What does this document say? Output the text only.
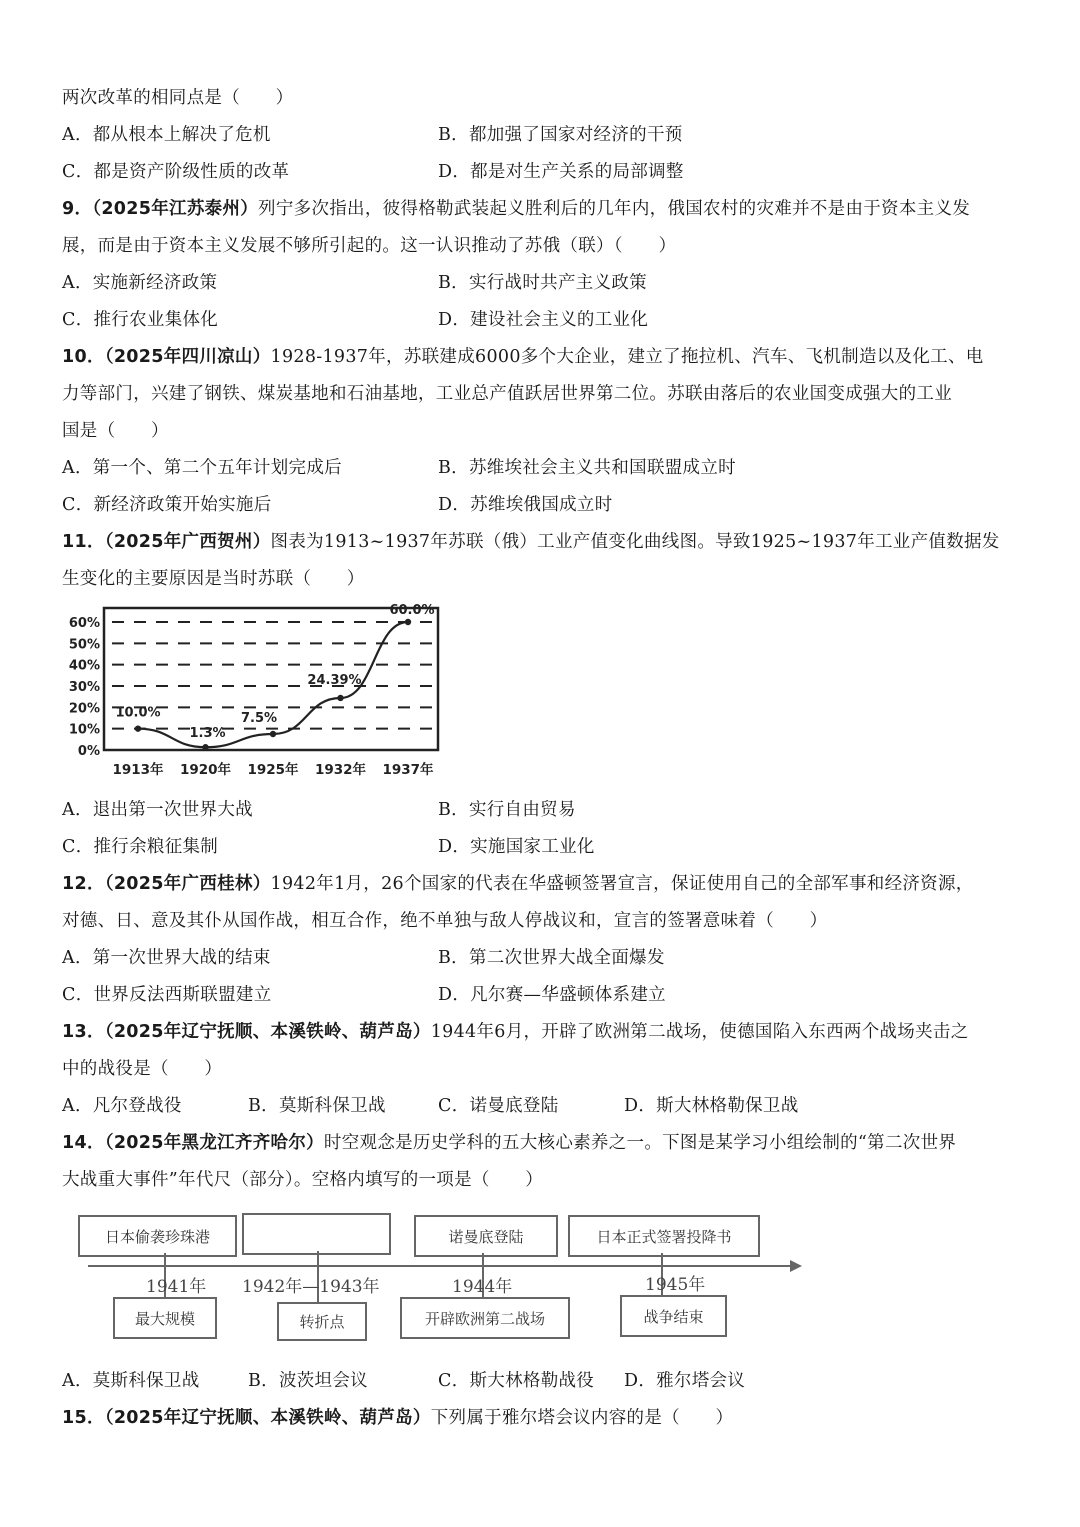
两次改革的相同点是（　　）
A．都从根本上解决了危机	B．都加强了国家对经济的干预
C．都是资产阶级性质的改革	D．都是对生产关系的局部调整
9．（2025年江苏泰州）列宁多次指出，彼得格勒武装起义胜利后的几年内，俄国农村的灾难并不是由于资本主义发
展，而是由于资本主义发展不够所引起的。这一认识推动了苏俄（联）（　　）
A．实施新经济政策	B．实行战时共产主义政策
C．推行农业集体化	D．建设社会主义的工业化
10．（2025年四川凉山）1928-1937年，苏联建成6000多个大企业，建立了拖拉机、汽车、飞机制造以及化工、电
力等部门，兴建了钢铁、煤炭基地和石油基地，工业总产值跃居世界第二位。苏联由落后的农业国变成强大的工业
国是（　　）
A．第一个、第二个五年计划完成后	B．苏维埃社会主义共和国联盟成立时
C．新经济政策开始实施后	D．苏维埃俄国成立时
11．（2025年广西贺州）图表为1913~1937年苏联（俄）工业产值变化曲线图。导致1925~1937年工业产值数据发
生变化的主要原因是当时苏联（　　）
0%
10%
20%
30%
40%
50%
60%
1913年 1920年 1925年 1932年 1937年
10.0%
1.3%
7.5%
24.39%
60.0%
A．退出第一次世界大战	B．实行自由贸易
C．推行余粮征集制	D．实施国家工业化
12．（2025年广西桂林）1942年1月，26个国家的代表在华盛顿签署宣言，保证使用自己的全部军事和经济资源，
对德、日、意及其仆从国作战，相互合作，绝不单独与敌人停战议和，宣言的签署意味着（　　）
A．第一次世界大战的结束	B．第二次世界大战全面爆发
C．世界反法西斯联盟建立	D．凡尔赛—华盛顿体系建立
13．（2025年辽宁抚顺、本溪铁岭、葫芦岛）1944年6月，开辟了欧洲第二战场，使德国陷入东西两个战场夹击之
中的战役是（　　）
A．凡尔登战役	B．莫斯科保卫战	C．诺曼底登陆	D．斯大林格勒保卫战
14．（2025年黑龙江齐齐哈尔）时空观念是历史学科的五大核心素养之一。下图是某学习小组绘制的“第二次世界
大战重大事件”年代尺（部分）。空格内填写的一项是（　　）
日本偷袭珍珠港	诺曼底登陆	日本正式签署投降书
1941年 1942年—1943年	1944年	1945年
最大规模	转折点	开辟欧洲第二战场	战争结束
A．莫斯科保卫战	B．波茨坦会议	C．斯大林格勒战役 D．雅尔塔会议
15．（2025年辽宁抚顺、本溪铁岭、葫芦岛）下列属于雅尔塔会议内容的是（　　）
